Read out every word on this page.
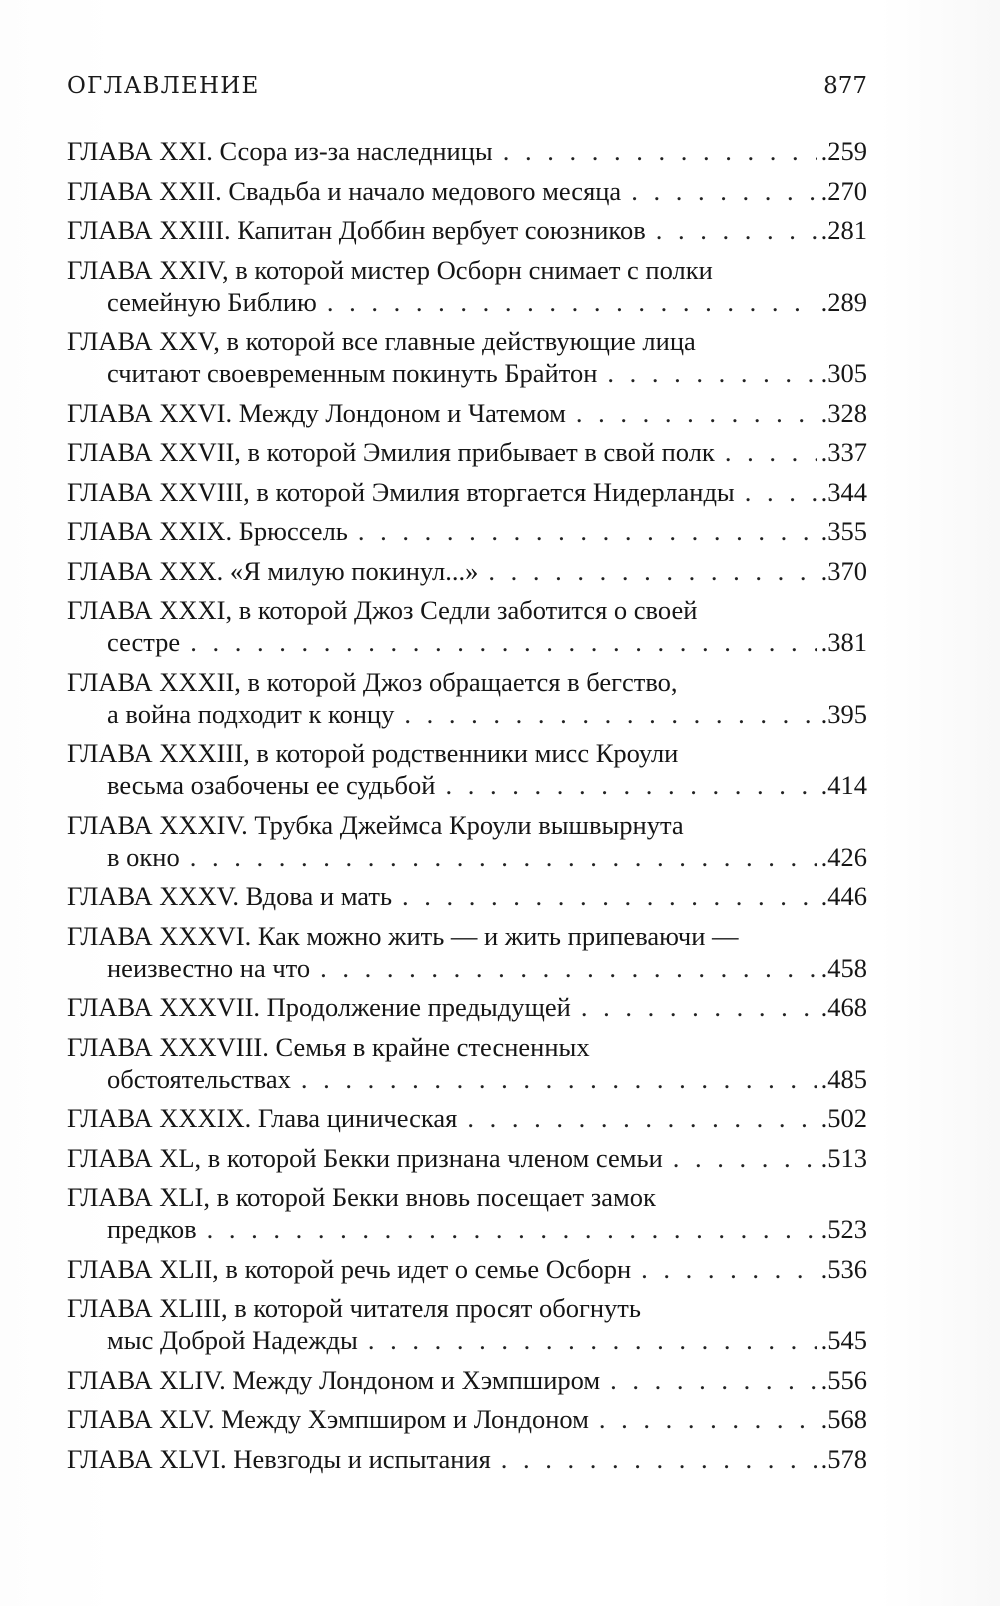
ОГЛАВЛЕНИЕ	877
ГЛАВА XXI. Ссора из-за наследницы . . .	.259
ГЛАВА XXII. Свадьба и начало медового месяца . . .	.270
ГЛАВА XXIII. Капитан Доббин вербует союзников . . .	.281
ГЛАВА XXIV, в которой мистер Осборн снимает с полки
семейную Библию . . .	.289
ГЛАВА XXV, в которой все главные действующие лица
считают своевременным покинуть Брайтон . . .	.305
ГЛАВА XXVI. Между Лондоном и Чатемом . . .	.328
ГЛАВА XXVII, в которой Эмилия прибывает в свой полк . . .	.337
ГЛАВА XXVIII, в которой Эмилия вторгается Нидерланды . . .	.344
ГЛАВА XXIX. Брюссель . . .	.355
ГЛАВА XXX. «Я милую покинул...» . . .	.370
ГЛАВА XXXI, в которой Джоз Седли заботится о своей
сестре . . .	.381
ГЛАВА XXXII, в которой Джоз обращается в бегство,
а война подходит к концу . . .	.395
ГЛАВА XXXIII, в которой родственники мисс Кроули
весьма озабочены ее судьбой . . .	.414
ГЛАВА XXXIV. Трубка Джеймса Кроули вышвырнута
в окно . . .	.426
ГЛАВА XXXV. Вдова и мать . . .	.446
ГЛАВА XXXVI. Как можно жить — и жить припеваючи —
неизвестно на что . . .	.458
ГЛАВА XXXVII. Продолжение предыдущей . . .	.468
ГЛАВА XXXVIII. Семья в крайне стесненных
обстоятельствах . . .	.485
ГЛАВА XXXIX. Глава циническая . . .	.502
ГЛАВА XL, в которой Бекки признана членом семьи . . .	.513
ГЛАВА XLI, в которой Бекки вновь посещает замок
предков . . .	.523
ГЛАВА XLII, в которой речь идет о семье Осборн . . .	.536
ГЛАВА XLIII, в которой читателя просят обогнуть
мыс Доброй Надежды . . .	.545
ГЛАВА XLIV. Между Лондоном и Хэмпширом . . .	.556
ГЛАВА XLV. Между Хэмпширом и Лондоном . . .	.568
ГЛАВА XLVI. Невзгоды и испытания . . .	.578
